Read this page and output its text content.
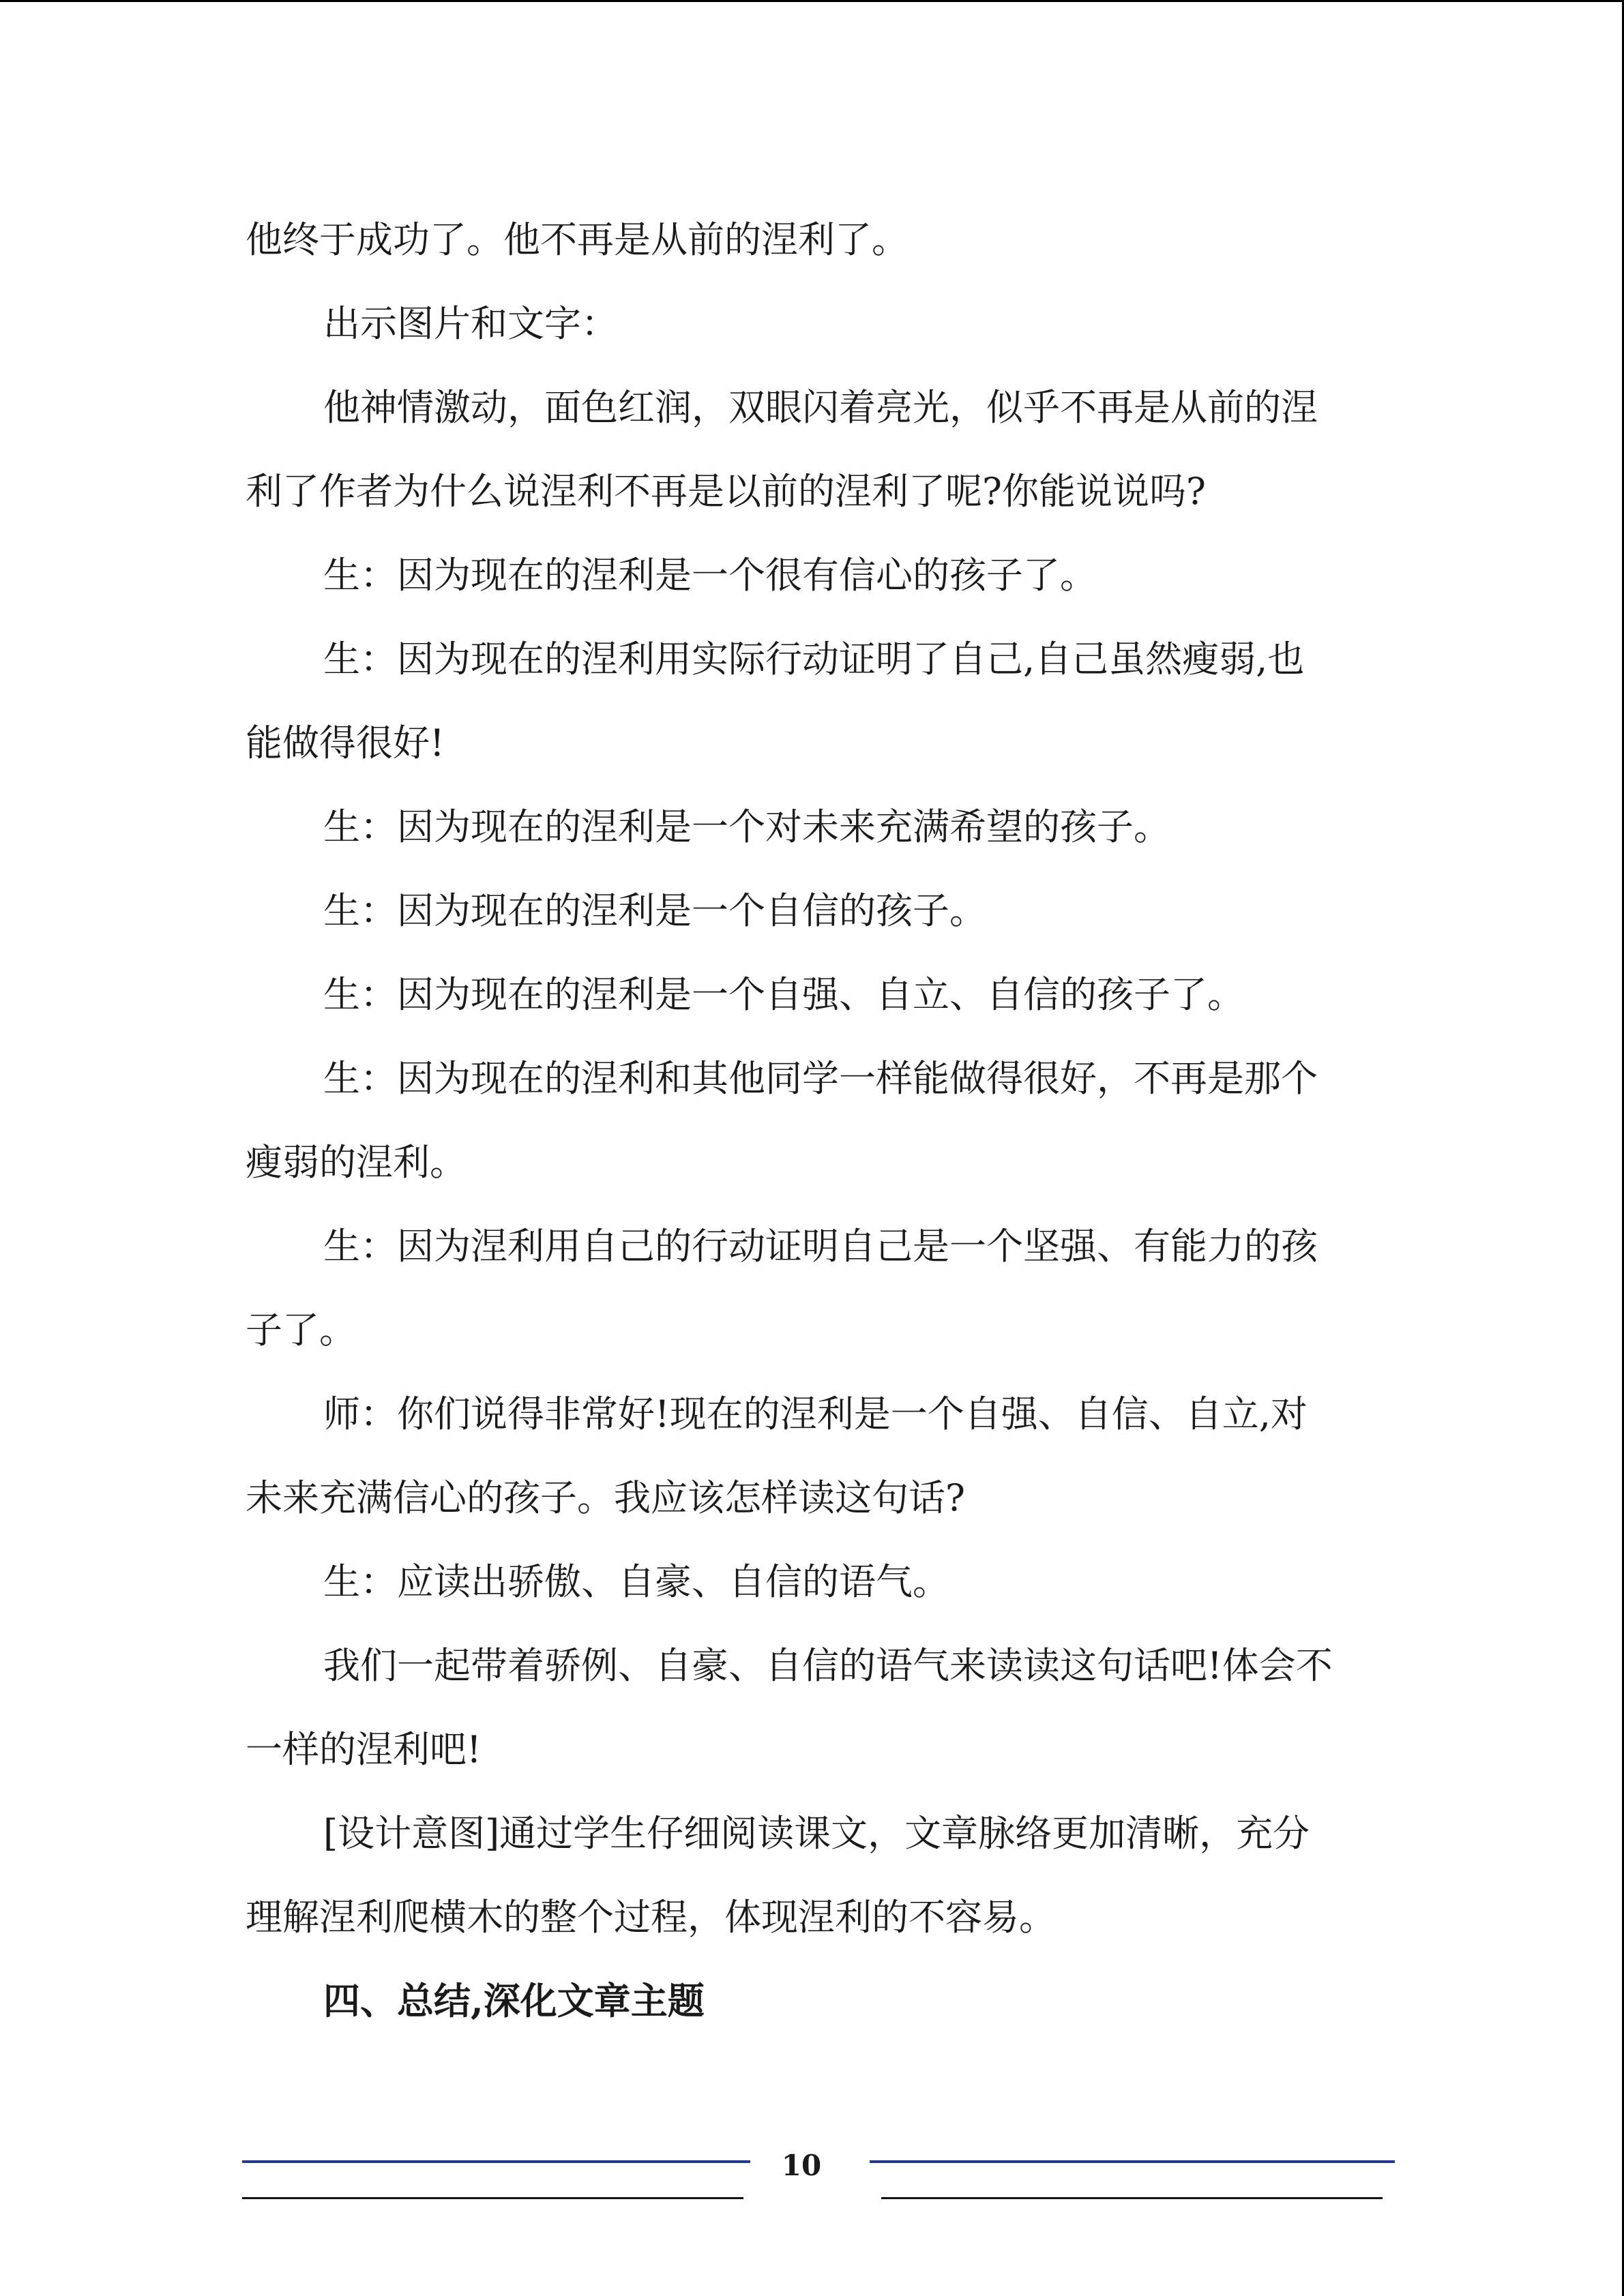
他终于成功了。他不再是从前的涅利了。

出示图片和文字：

他神情激动，面色红润，双眼闪着亮光，似乎不再是从前的涅

利了作者为什么说涅利不再是以前的涅利了呢?你能说说吗?

生：因为现在的涅利是一个很有信心的孩子了。

生：因为现在的涅利用实际行动证明了自己,自己虽然瘦弱,也

能做得很好!

生：因为现在的涅利是一个对未来充满希望的孩子。

生：因为现在的涅利是一个自信的孩子。

生：因为现在的涅利是一个自强、自立、自信的孩子了。

生：因为现在的涅利和其他同学一样能做得很好，不再是那个

瘦弱的涅利。

生：因为涅利用自己的行动证明自己是一个坚强、有能力的孩

子了。

师：你们说得非常好!现在的涅利是一个自强、自信、自立,对

未来充满信心的孩子。我应该怎样读这句话?

生：应读出骄傲、自豪、自信的语气。

我们一起带着骄例、自豪、自信的语气来读读这句话吧!体会不

一样的涅利吧!

[设计意图]通过学生仔细阅读课文，文章脉络更加清晰，充分

理解涅利爬横木的整个过程，体现涅利的不容易。

四、总结,深化文章主题

10
